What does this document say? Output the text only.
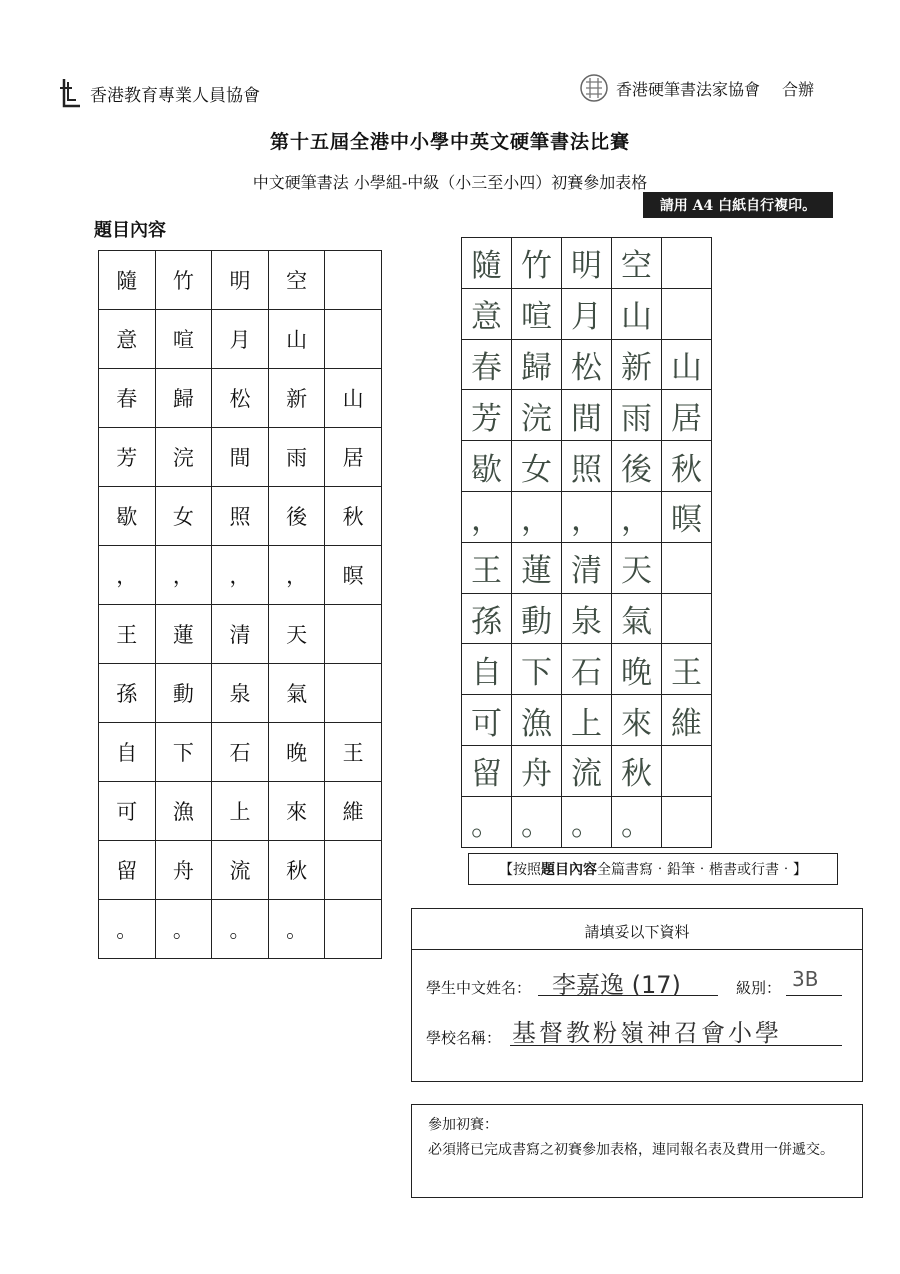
香港教育專業人員協會	香港硬筆書法家協會 合辦
第十五屆全港中小學中英文硬筆書法比賽
中文硬筆書法 小學組-中級（小三至小四）初賽參加表格
請用 A4 白紙自行複印。
題目內容
隨	竹	明	空	
意	喧	月	山	
春	歸	松	新	山
芳	浣	間	雨	居
歇	女	照	後	秋
，	，	，	，	暝
王	蓮	清	天	
孫	動	泉	氣	
自	下	石	晚	王
可	漁	上	來	維
留	舟	流	秋	
。	。	。	。	
隨	竹	明	空	
意	喧	月	山	
春	歸	松	新	山
芳	浣	間	雨	居
歇	女	照	後	秋
，	，	，	，	暝
王	蓮	清	天	
孫	動	泉	氣	
自	下	石	晚	王
可	漁	上	來	維
留	舟	流	秋	
。	。	。	。	
【按照 題目內容 全篇書寫‧鉛筆‧楷書或行書‧】
請填妥以下資料
學生中文姓名： 李嘉逸 (17)	級別： 3B
學校名稱： 基督教粉嶺神召會小學
參加初賽：
必須將已完成書寫之初賽參加表格，連同報名表及費用一併遞交。
